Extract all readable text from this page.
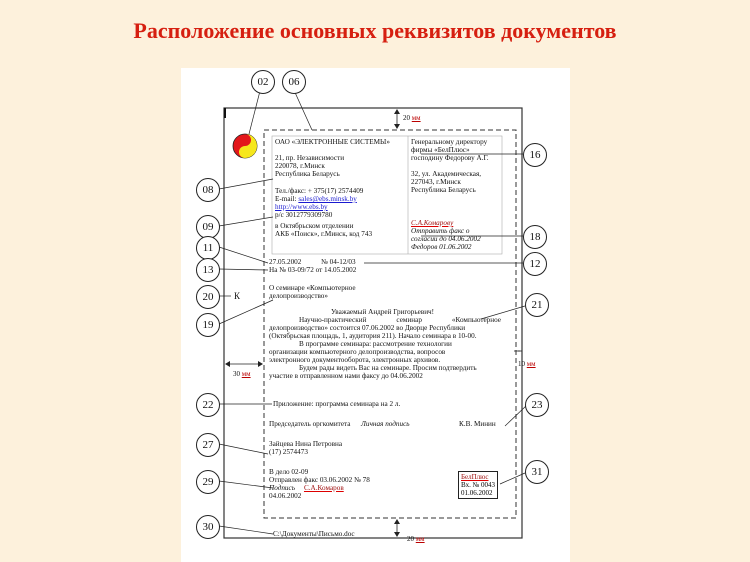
Расположение основных реквизитов документов
20 мм
20 мм
30 мм
10 мм
02	06
08
09
11
13
20
19
16
18
12
21
22	23
27
29
31
30
К
ОАО «ЭЛЕКТРОННЫЕ СИСТЕМЫ»
21, пр. Независимости
220078, г.Минск
Республика Беларусь
Тел./факс: + 375(17) 2574409
E-mail: sales@ebs.minsk.by
http://www.ebs.by
р/с 3012779309780
в Октябрьском отделении
АКБ «Поиск», г.Минск, код 743
Генеральному директору
фирмы «БелПлюс»
господину Федорову А.Г.
32, ул. Академическая,
227043, г.Минск
Республика Беларусь
С.А.Комарову
Отправить факс о
согласии до 04.06.2002
Федоров 01.06.2002
27.05.2002	№ 04-12/03
На № 03-09/72 от 14.05.2002
О семинаре «Компьютерное
делопроизводство»
Уважаемый Андрей Григорьевич!
Научно-практический семинар «Компьютерное
делопроизводство» состоится 07.06.2002 во Дворце Республики
(Октябрьская площадь, 1, аудитория 211). Начало семинара в 10-00.
В программе семинара: рассмотрение технологии
организации компьютерного делопроизводства, вопросов
электронного документооборота, электронных архивов.
Будем рады видеть Вас на семинаре. Просим подтвердить
участие в отправленном нами факсу до 04.06.2002
Приложение: программа семинара на 2 л.
Председатель оргкомитета Личная подпись	К.В. Минин
Зайцева Нина Петровна
(17) 2574473
В дело 02-09
Отправлен факс 03.06.2002 № 78
Подпись С.А.Комаров
04.06.2002
БелПлюс
Вх. № 0043
01.06.2002
C:\Документы\Письмо.doc
